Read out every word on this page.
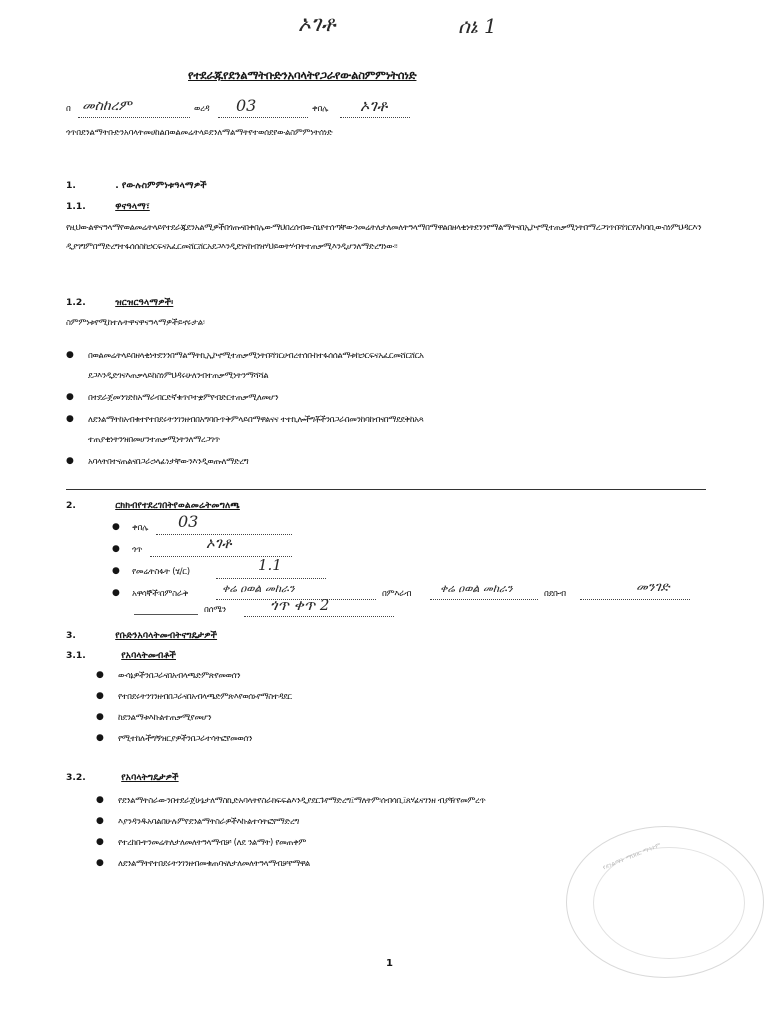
ኦገቶ	ሰኔ 1
የተደራጁየደንልማትቡድንአባላትየጋራየውልስምምነትሰነድ
በ መስከረም	ወረዳ 03	ቀበሌ ኦገቶ
ጎጥበደንልማትቡድንአባላትመሀከልበወልመሬትላይደንለማልማትየተወሰደየውልስምምነትሰነድ
1.	. የውሉስምምነቱዓላማዎች
1.1.	ዋናዓላማ፣
የዚህውልዋናዓላማየወልመሬትላይየተደራጁደንአልሚዎችበጎጡናበቀበሌውማህበረሰብውስኒየተሰጣቸውንመሬትለታለመለትዓላማበማዋልበዘላቂነትደንንየማልማትናበኢኮኖሚተጠቃሚነትበማረጋገጥበሻገርየአካባቢውስነምህዳርእንዲያገግምበማድረግተፋሰሰስከኃርፍናአፈርመሸርሸርአደጋእንዲደገናከብዝሃህይወትሃብትተጠቃሚእንዲሆንለማድረግነው፡፡
1.2.	ዝርዝርዓላማዎች፡
ስምምነቱየሚከተሉትዋናዋናዓላማዎችይኖሩታል፡
● በወልመሬትላይበዘላቂነትደንንበማልማትኪኢኮኖሚተጠቃሚነትበሻገርሀብረተሰቡከተፋሰሰልማቱከኃርፍናአፈርመሸርሸርአ
ደጋእንዲድገናእጠቃላይከስነምህዳሩሁለንብተጠቃሚነትንማሻሻል
● በተደራጀመንገድከአማራብርድኛቁጥቦተቋምየብድርተጠቃሚለመሆን
● ለደንልማትከአብቁተየተበደሩትንገንዘብበአግባቡጥቅምላይበማዋልናና ተተኪሎችግቾችንበጋራበመንከባከብናበማደደቅከአጻ
ተጠያቂነትንዝበመሆንተጠቃሚነትንለማረጋገጥ
● አባላትበተናጠልናበጋራኃላፊነታቸውንእንዲወጡለማድረግ
2.	ርክክብየተደረገበትየወልመሬትመግለጫ
● ቀበሌ 03
● ጎጥ	ኦገቶ
● የመሬትስፋት (ሄ/ር)	1.1
● አዋሳኞች፡በምስራቅ	ቀሬ ዐወል መከራን	በምእራብ	ቀሬ ዐወል መከራን	በደቡብ	መንገድ
በሰሜን	ጎጥ ቀጥ 2
3.	የቡድንአባላትመብትናግዴታዎች
3.1.	የአባላትመብቶች
● ውሳኔዎችንበጋራናበአብላጫድምጽየመወሰን
● የተበደሩትንገንዘብበጋራናበአብላጫድምጽእየወሰኑየማስተዳደር
● ከደንልማቱእኩልተጠቃሚየመሆን
● የሚተከሉችግኝዝርያዎችንበጋራተሳትፎየመወሰን
3.2.	የአባላትግዴታዎች
● የደንልማትስራውንበተደራጀሁኔታለማስኪድአባላትየስራክፍፍልእንዲያደርጉየማድረግ፤ማለትም፡ሰብሳቢ፤ጸሃፊናገንዘ ብያዥየመምረጥ
● እያንዳንዱአባልበሁሉምየደንልማትስራዎችእኩልተሳትፎየማድረግ
● የተረከቡትንመሬትለታለመለትዓላማብቻ (ለደ ንልማት) የመጠቀም
● ለደንልማትየተበደሩትንገንዘብመቁጠባናለታለመለትዓላማብቻየማዋል	የደንልማት ማህበር ማኅተም
1
